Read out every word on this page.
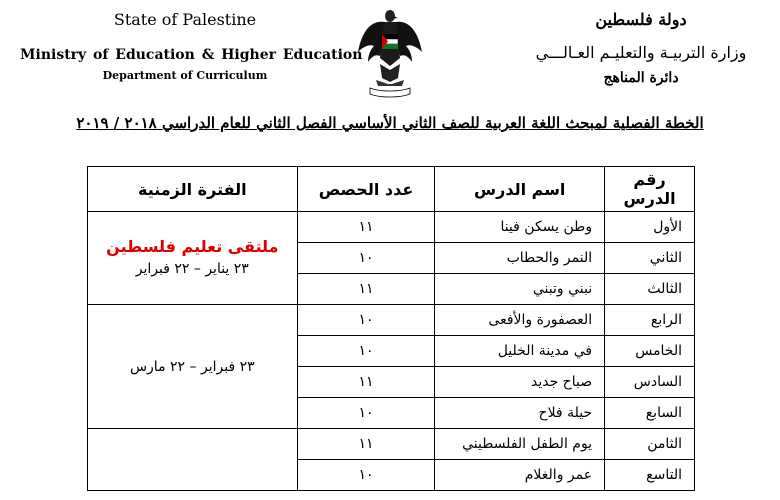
State of Palestine
Ministry of Education & Higher Education
Department of Curriculum
دولة فلسطين
وزارة التربيـة والتعليـم العـالـــي
دائرة المناهج
الخطة الفصلية لمبحث اللغة العربية للصف الثاني الأساسي الفصل الثاني للعام الدراسي ٢٠١٨ / ٢٠١٩
رقم الدرس	اسم الدرس	عدد الحصص	الفترة الزمنية
الأول	وطن يسكن فينا	١١	ملتقى تعليم فلسطين
٢٣ يناير – ٢٢ فبراير
الثاني	النمر والحطاب	١٠	
الثالث	نبني وتبني	١١	
الرابع	العصفورة والأفعى	١٠	٢٣ فبراير – ٢٢ مارس
الخامس	في مدينة الخليل	١٠	
السادس	صباح جديد	١١	
السابع	حيلة فلاح	١٠	
الثامن	يوم الطفل الفلسطيني	١١	
التاسع	عمر والغلام	١٠	
